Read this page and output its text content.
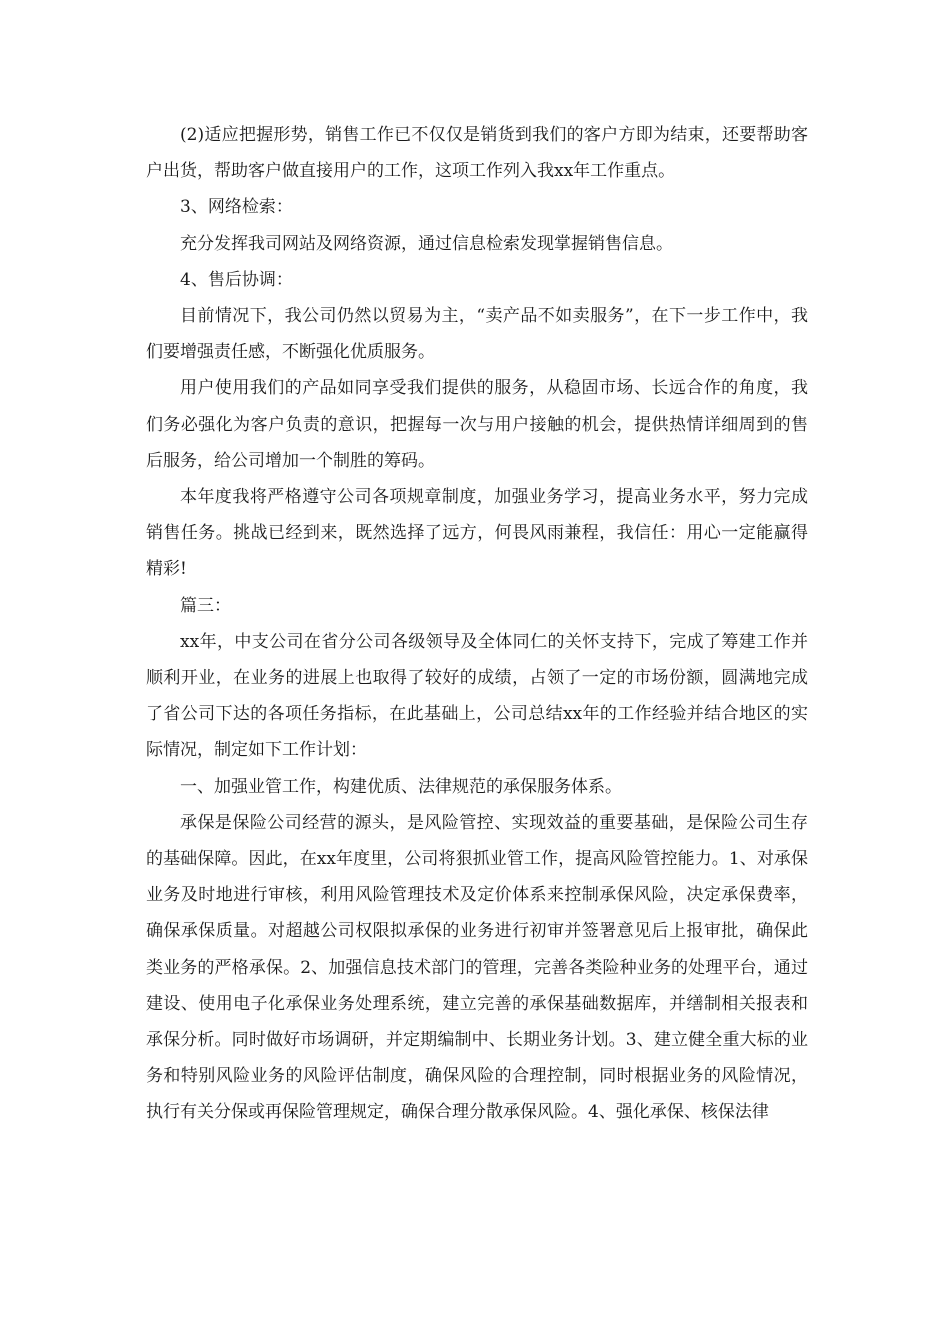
(2)适应把握形势，销售工作已不仅仅是销货到我们的客户方即为结束，还要帮助客户出货，帮助客户做直接用户的工作，这项工作列入我xx年工作重点。

3、网络检索：

充分发挥我司网站及网络资源，通过信息检索发现掌握销售信息。

4、售后协调：

目前情况下，我公司仍然以贸易为主，“卖产品不如卖服务”，在下一步工作中，我们要增强责任感，不断强化优质服务。

用户使用我们的产品如同享受我们提供的服务，从稳固市场、长远合作的角度，我们务必强化为客户负责的意识，把握每一次与用户接触的机会，提供热情详细周到的售后服务，给公司增加一个制胜的筹码。

本年度我将严格遵守公司各项规章制度，加强业务学习，提高业务水平，努力完成销售任务。挑战已经到来，既然选择了远方，何畏风雨兼程，我信任：用心一定能赢得精彩!

篇三：

xx年，中支公司在省分公司各级领导及全体同仁的关怀支持下，完成了筹建工作并顺利开业，在业务的进展上也取得了较好的成绩，占领了一定的市场份额，圆满地完成了省公司下达的各项任务指标，在此基础上，公司总结xx年的工作经验并结合地区的实际情况，制定如下工作计划：

一、加强业管工作，构建优质、法律规范的承保服务体系。

承保是保险公司经营的源头，是风险管控、实现效益的重要基础，是保险公司生存的基础保障。因此，在xx年度里，公司将狠抓业管工作，提高风险管控能力。1、对承保业务及时地进行审核，利用风险管理技术及定价体系来控制承保风险，决定承保费率，确保承保质量。对超越公司权限拟承保的业务进行初审并签署意见后上报审批，确保此类业务的严格承保。2、加强信息技术部门的管理，完善各类险种业务的处理平台，通过建设、使用电子化承保业务处理系统，建立完善的承保基础数据库，并缮制相关报表和承保分析。同时做好市场调研，并定期编制中、长期业务计划。3、建立健全重大标的业务和特别风险业务的风险评估制度，确保风险的合理控制，同时根据业务的风险情况，执行有关分保或再保险管理规定，确保合理分散承保风险。4、强化承保、核保法律
